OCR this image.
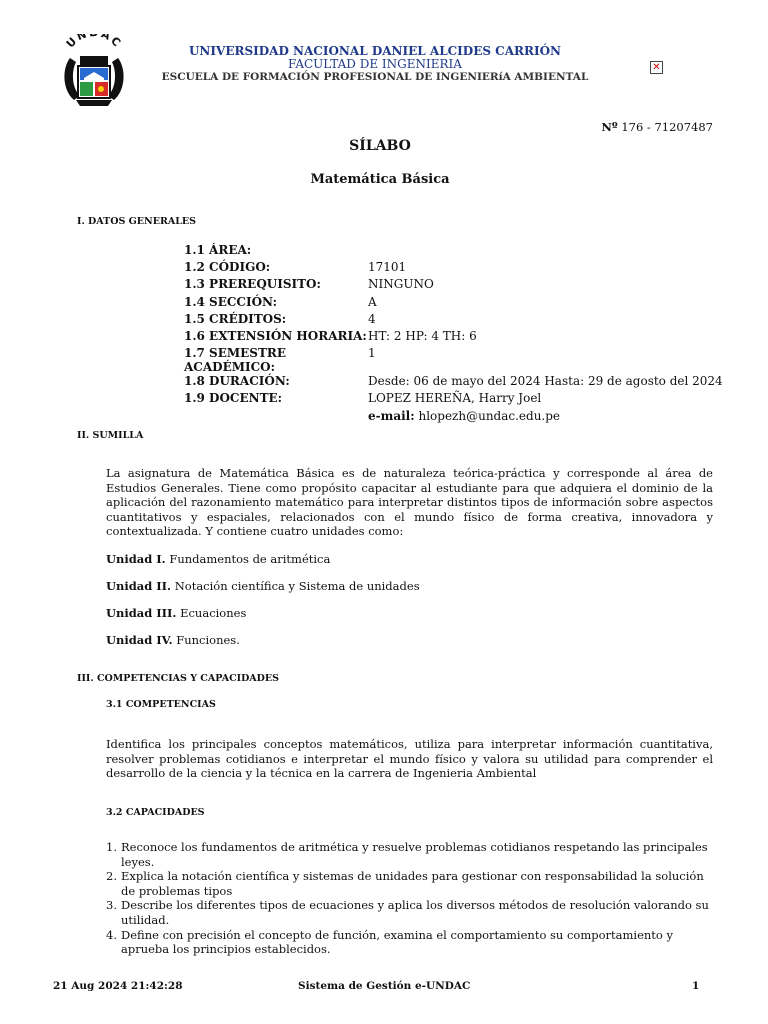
UN AC
UNIVERSIDAD NACIONAL DANIEL ALCIDES CARRIÓN
FACULTAD DE INGENIERIA
ESCUELA DE FORMACIÓN PROFESIONAL DE INGENIERíA AMBIENTAL
✕
Nº 176 - 71207487
SÍLABO
Matemática Básica
I. DATOS GENERALES
1.1 ÁREA:	
1.2 CÓDIGO:	17101
1.3 PREREQUISITO:	NINGUNO
1.4 SECCIÓN:	A
1.5 CRÉDITOS:	4
1.6 EXTENSIÓN HORARIA:	HT: 2 HP: 4 TH: 6
1.7 SEMESTRE ACADÉMICO:	1
1.8 DURACIÓN:	Desde: 06 de mayo del 2024 Hasta: 29 de agosto del 2024
1.9 DOCENTE:	LOPEZ HEREÑA, Harry Joel
	e-mail: hlopezh@undac.edu.pe
II. SUMILLA
La asignatura de Matemática Básica es de naturaleza teórica-práctica y corresponde al área de Estudios Generales. Tiene como propósito capacitar al estudiante para que adquiera el dominio de la aplicación del razonamiento matemático para interpretar distintos tipos de información sobre aspectos cuantitativos y espaciales, relacionados con el mundo físico de forma creativa, innovadora y contextualizada. Y contiene cuatro unidades como:
Unidad I. Fundamentos de aritmética
Unidad II. Notación científica y Sistema de unidades
Unidad III. Ecuaciones
Unidad IV. Funciones.
III. COMPETENCIAS Y CAPACIDADES
3.1 COMPETENCIAS
Identifica los principales conceptos matemáticos, utiliza para interpretar información cuantitativa, resolver problemas cotidianos e interpretar el mundo físico y valora su utilidad para comprender el desarrollo de la ciencia y la técnica en la carrera de Ingenieria Ambiental
3.2 CAPACIDADES
1. Reconoce los fundamentos de aritmética y resuelve problemas cotidianos respetando las principales leyes.
2. Explica la notación científica y sistemas de unidades para gestionar con responsabilidad la solución de problemas tipos
3. Describe los diferentes tipos de ecuaciones y aplica los diversos métodos de resolución valorando su utilidad.
4. Define con precisión el concepto de función, examina el comportamiento su comportamiento y aprueba los principios establecidos.
21 Aug 2024 21:42:28	Sistema de Gestión e-UNDAC	1
